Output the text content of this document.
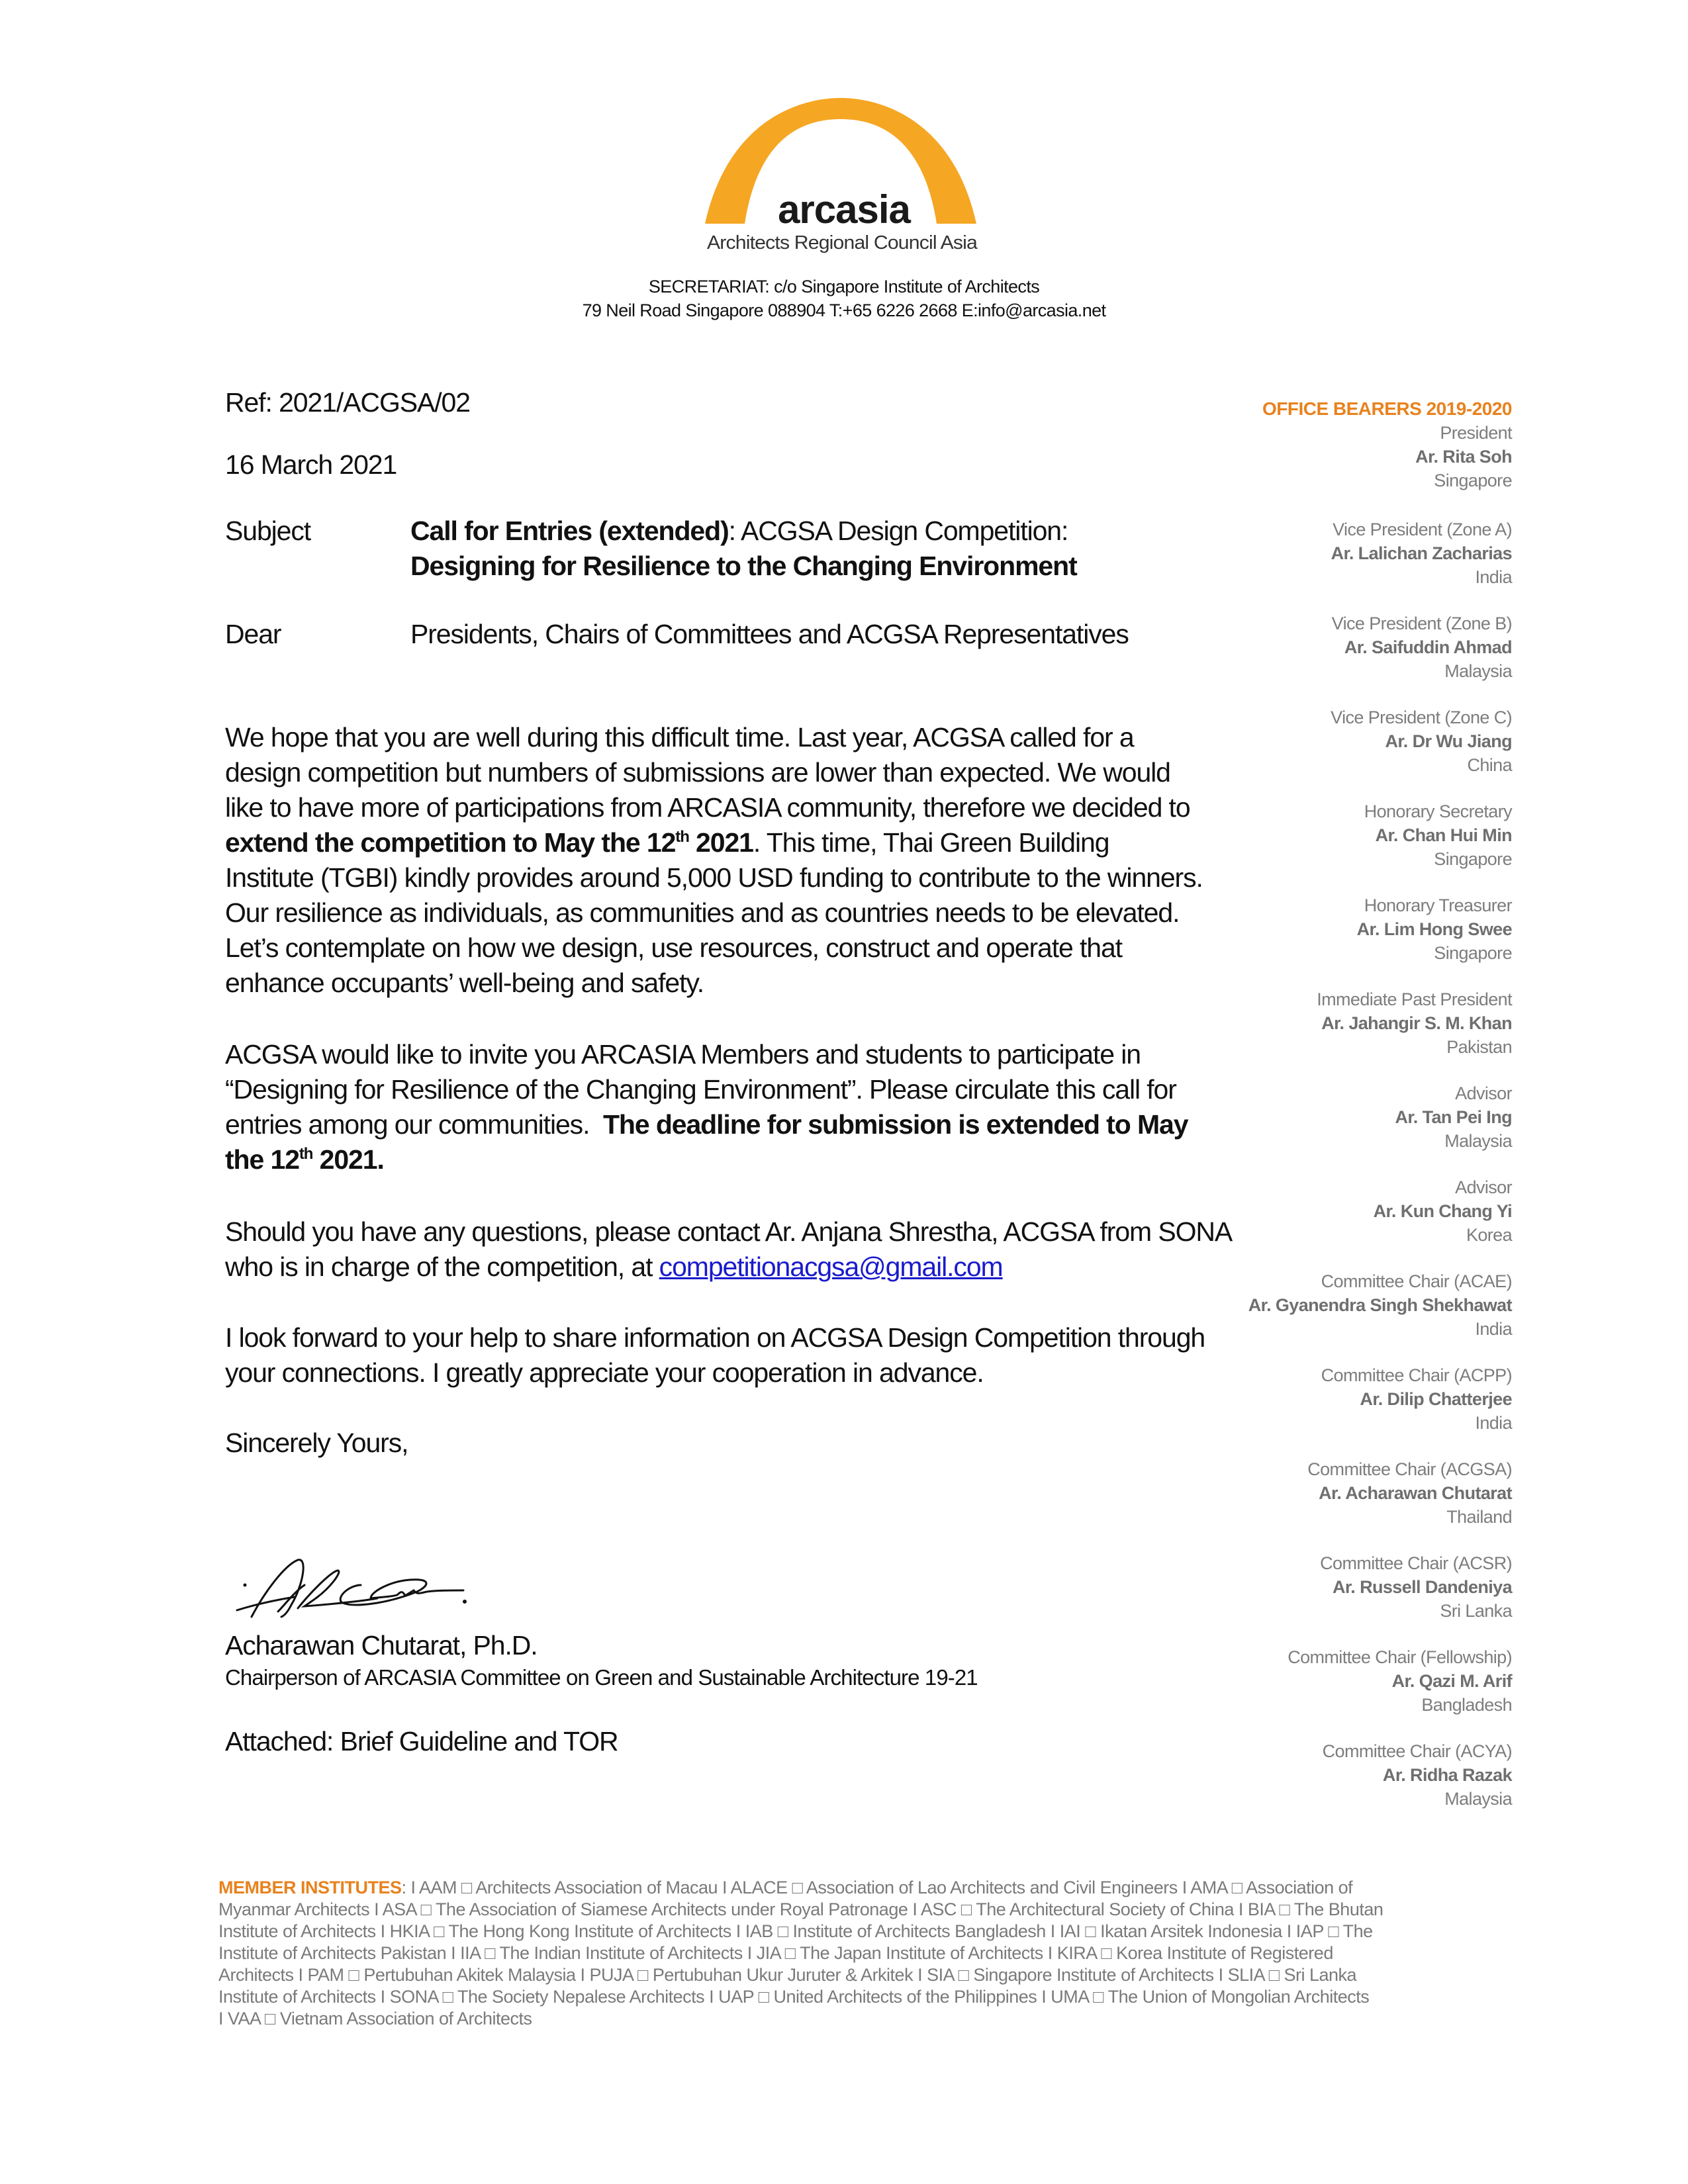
arcasia
Architects Regional Council Asia
SECRETARIAT: c/o Singapore Institute of Architects
79 Neil Road Singapore 088904 T:+65 6226 2668 E:info@arcasia.net
Ref: 2021/ACGSA/02
16 March 2021
Subject	Call for Entries (extended): ACGSA Design Competition:
Designing for Resilience to the Changing Environment
Dear	Presidents, Chairs of Committees and ACGSA Representatives
We hope that you are well during this difficult time. Last year, ACGSA called for a
design competition but numbers of submissions are lower than expected. We would
like to have more of participations from ARCASIA community, therefore we decided to
extend the competition to May the 12th 2021. This time, Thai Green Building
Institute (TGBI) kindly provides around 5,000 USD funding to contribute to the winners.
Our resilience as individuals, as communities and as countries needs to be elevated.
Let’s contemplate on how we design, use resources, construct and operate that
enhance occupants’ well-being and safety.
ACGSA would like to invite you ARCASIA Members and students to participate in
“Designing for Resilience of the Changing Environment”. Please circulate this call for
entries among our communities.  The deadline for submission is extended to May
the 12th 2021.
Should you have any questions, please contact Ar. Anjana Shrestha, ACGSA from SONA
who is in charge of the competition, at competitionacgsa@gmail.com
I look forward to your help to share information on ACGSA Design Competition through
your connections. I greatly appreciate your cooperation in advance.
Sincerely Yours,
Acharawan Chutarat, Ph.D.
Chairperson of ARCASIA Committee on Green and Sustainable Architecture 19-21
Attached: Brief Guideline and TOR
OFFICE BEARERS 2019-2020
President
Ar. Rita Soh
Singapore
Vice President (Zone A)
Ar. Lalichan Zacharias
India
Vice President (Zone B)
Ar. Saifuddin Ahmad
Malaysia
Vice President (Zone C)
Ar. Dr Wu Jiang
China
Honorary Secretary
Ar. Chan Hui Min
Singapore
Honorary Treasurer
Ar. Lim Hong Swee
Singapore
Immediate Past President
Ar. Jahangir S. M. Khan
Pakistan
Advisor
Ar. Tan Pei Ing
Malaysia
Advisor
Ar. Kun Chang Yi
Korea
Committee Chair (ACAE)
Ar. Gyanendra Singh Shekhawat
India
Committee Chair (ACPP)
Ar. Dilip Chatterjee
India
Committee Chair (ACGSA)
Ar. Acharawan Chutarat
Thailand
Committee Chair (ACSR)
Ar. Russell Dandeniya
Sri Lanka
Committee Chair (Fellowship)
Ar. Qazi M. Arif
Bangladesh
Committee Chair (ACYA)
Ar. Ridha Razak
Malaysia
MEMBER INSTITUTES: I AAM □ Architects Association of Macau I ALACE □ Association of Lao Architects and Civil Engineers I AMA □ Association of
Myanmar Architects I ASA □ The Association of Siamese Architects under Royal Patronage I ASC □ The Architectural Society of China I BIA □ The Bhutan
Institute of Architects I HKIA □ The Hong Kong Institute of Architects I IAB □ Institute of Architects Bangladesh I IAI □ Ikatan Arsitek Indonesia I IAP □ The
Institute of Architects Pakistan I IIA □ The Indian Institute of Architects I JIA □ The Japan Institute of Architects I KIRA □ Korea Institute of Registered
Architects I PAM □ Pertubuhan Akitek Malaysia I PUJA □ Pertubuhan Ukur Juruter & Arkitek I SIA □ Singapore Institute of Architects I SLIA □ Sri Lanka
Institute of Architects I SONA □ The Society Nepalese Architects I UAP □ United Architects of the Philippines I UMA □ The Union of Mongolian Architects
I VAA □ Vietnam Association of Architects
